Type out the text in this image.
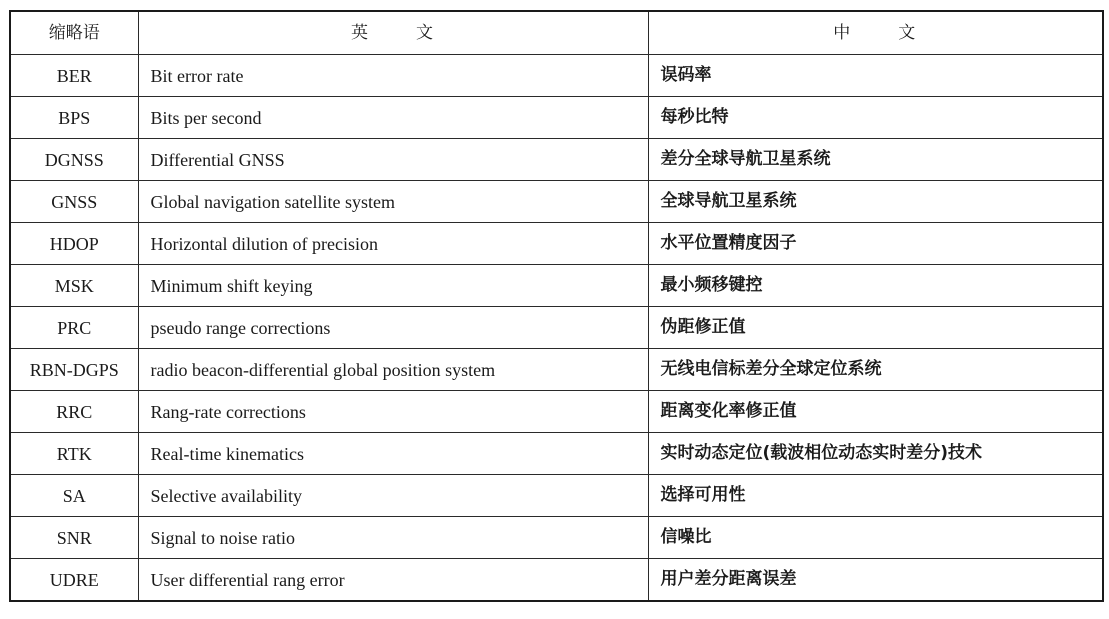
缩略语	英 文	中 文
BER	Bit error rate	误码率
BPS	Bits per second	每秒比特
DGNSS	Differential GNSS	差分全球导航卫星系统
GNSS	Global navigation satellite system	全球导航卫星系统
HDOP	Horizontal dilution of precision	水平位置精度因子
MSK	Minimum shift keying	最小频移键控
PRC	pseudo range corrections	伪距修正值
RBN-DGPS	radio beacon-differential global position system	无线电信标差分全球定位系统
RRC	Rang-rate corrections	距离变化率修正值
RTK	Real-time kinematics	实时动态定位(载波相位动态实时差分)技术
SA	Selective availability	选择可用性
SNR	Signal to noise ratio	信噪比
UDRE	User differential rang error	用户差分距离误差
